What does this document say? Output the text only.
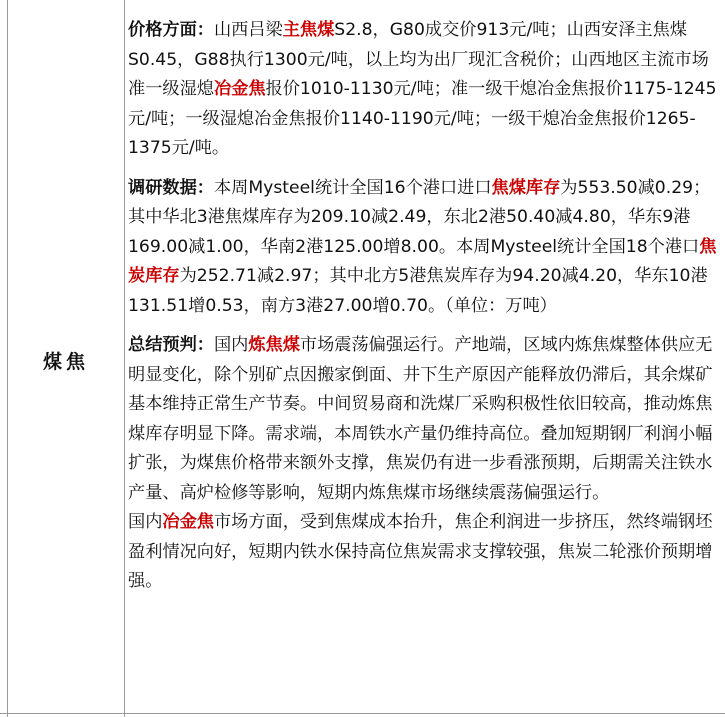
煤焦

价格方面：山西吕梁主焦煤S2.8，G80成交价913元/吨；山西安泽主焦煤S0.45，G88执行1300元/吨，以上均为出厂现汇含税价；山西地区主流市场准一级湿熄冶金焦报价1010-1130元/吨；准一级干熄冶金焦报价1175-1245元/吨；一级湿熄冶金焦报价1140-1190元/吨；一级干熄冶金焦报价1265-1375元/吨。

调研数据：本周Mysteel统计全国16个港口进口焦煤库存为553.50减0.29；其中华北3港焦煤库存为209.10减2.49，东北2港50.40减4.80，华东9港169.00减1.00，华南2港125.00增8.00。本周Mysteel统计全国18个港口焦炭库存为252.71减2.97；其中北方5港焦炭库存为94.20减4.20，华东10港131.51增0.53，南方3港27.00增0.70。（单位：万吨）

总结预判：国内炼焦煤市场震荡偏强运行。产地端，区域内炼焦煤整体供应无明显变化，除个别矿点因搬家倒面、井下生产原因产能释放仍滞后，其余煤矿基本维持正常生产节奏。中间贸易商和洗煤厂采购积极性依旧较高，推动炼焦煤库存明显下降。需求端，本周铁水产量仍维持高位。叠加短期钢厂利润小幅扩张，为煤焦价格带来额外支撑，焦炭仍有进一步看涨预期，后期需关注铁水产量、高炉检修等影响，短期内炼焦煤市场继续震荡偏强运行。

国内冶金焦市场方面，受到焦煤成本抬升，焦企利润进一步挤压，然终端钢坯盈利情况向好，短期内铁水保持高位焦炭需求支撑较强，焦炭二轮涨价预期增强。
